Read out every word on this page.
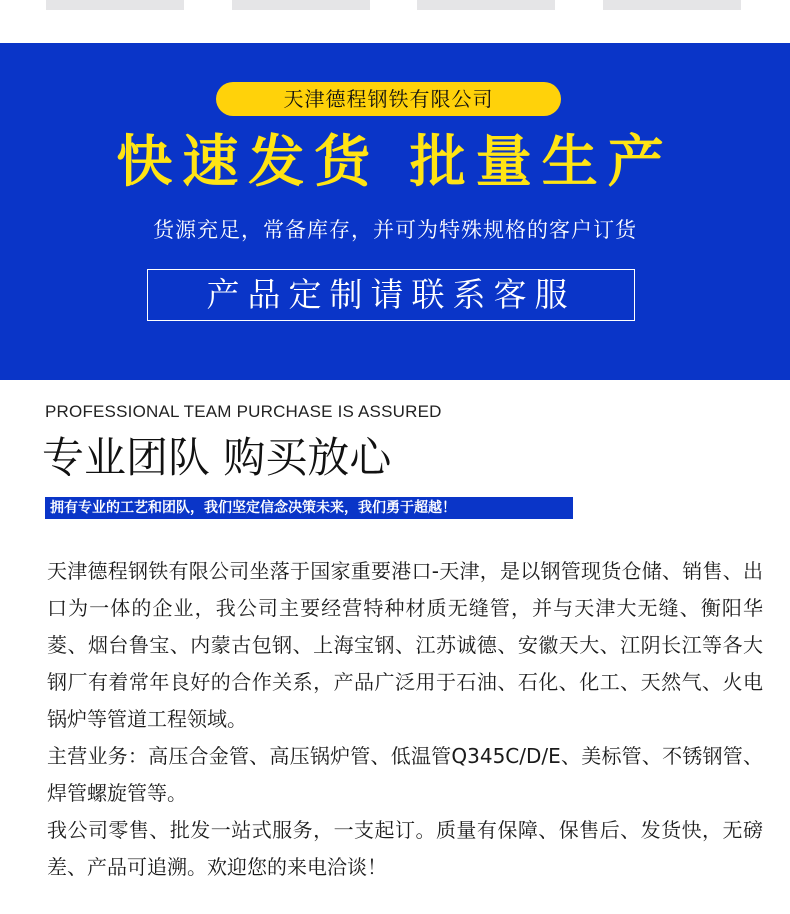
天津德程钢铁有限公司
快速发货 批量生产
货源充足，常备库存，并可为特殊规格的客户订货
产品定制请联系客服
PROFESSIONAL TEAM PURCHASE IS ASSURED
专业团队 购买放心
拥有专业的工艺和团队，我们坚定信念决策未来，我们勇于超越！
天津德程钢铁有限公司坐落于国家重要港口-天津，是以钢管现货仓储、销售、出口为一体的企业，我公司主要经营特种材质无缝管，并与天津大无缝、衡阳华菱、烟台鲁宝、内蒙古包钢、上海宝钢、江苏诚德、安徽天大、江阴长江等各大钢厂有着常年良好的合作关系，产品广泛用于石油、石化、化工、天然气、火电锅炉等管道工程领域。
主营业务：高压合金管、高压锅炉管、低温管Q345C/D/E、美标管、不锈钢管、焊管螺旋管等。
我公司零售、批发一站式服务，一支起订。质量有保障、保售后、发货快，无磅差、产品可追溯。欢迎您的来电洽谈！
